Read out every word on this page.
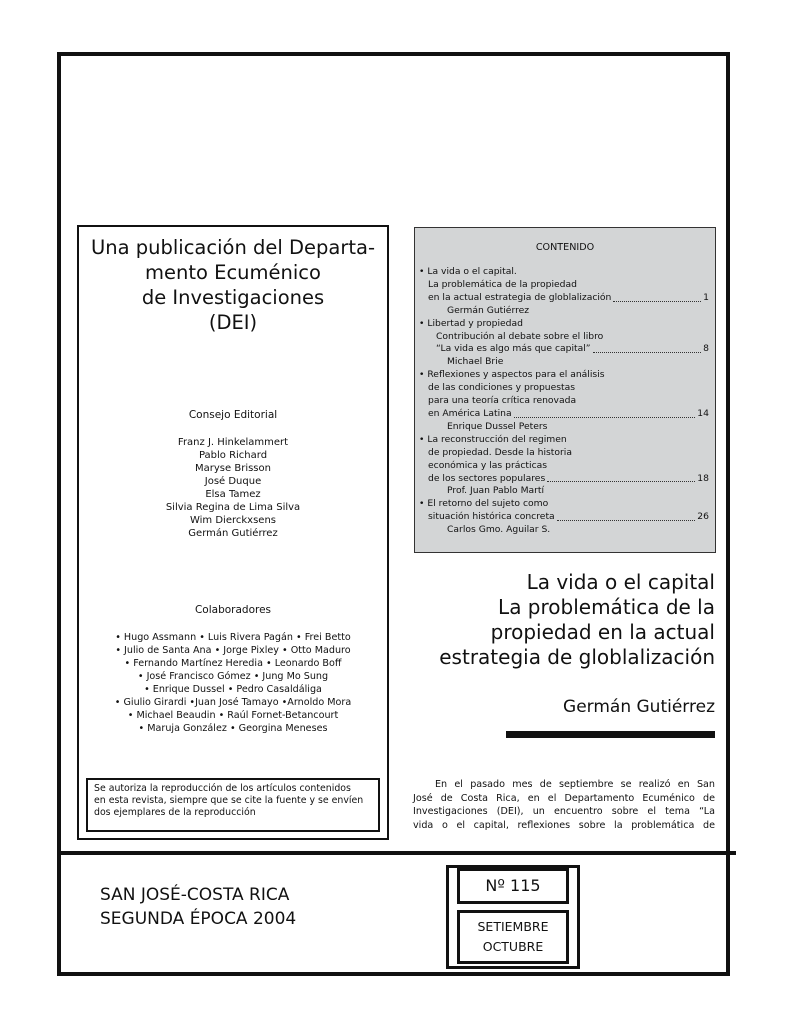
Una publicación del Departa-
mento Ecuménico
de Investigaciones
(DEI)
Consejo Editorial
Franz J. Hinkelammert
Pablo Richard
Maryse Brisson
José Duque
Elsa Tamez
Silvia Regina de Lima Silva
Wim Dierckxsens
Germán Gutiérrez
Colaboradores
• Hugo Assmann • Luis Rivera Pagán • Frei Betto
• Julio de Santa Ana • Jorge Pixley • Otto Maduro
• Fernando Martínez Heredia • Leonardo Boff
• José Francisco Gómez • Jung Mo Sung
• Enrique Dussel • Pedro Casaldáliga
• Giulio Girardi •Juan José Tamayo •Arnoldo Mora
• Michael Beaudin • Raúl Fornet-Betancourt
• Maruja González • Georgina Meneses
Se autoriza la reproducción de los artículos contenidos
en esta revista, siempre que se cite la fuente y se envíen
dos ejemplares de la reproducción
CONTENIDO
• La vida o el capital.
La problemática de la propiedad
en la actual estrategia de globlalización	1
Germán Gutiérrez
• Libertad y propiedad
Contribución al debate sobre el libro
“La vida es algo más que capital”	8
Michael Brie
• Reflexiones y aspectos para el análisis
de las condiciones y propuestas
para una teoría crítica renovada
en América Latina	14
Enrique Dussel Peters
• La reconstrucción del regimen
de propiedad. Desde la historia
económica y las prácticas
de los sectores populares	18
Prof. Juan Pablo Martí
• El retorno del sujeto como
situación histórica concreta	26
Carlos Gmo. Aguilar S.
La vida o el capital
La problemática de la
propiedad en la actual
estrategia de globlalización
Germán Gutiérrez
En el pasado mes de septiembre se realizó en San
José de Costa Rica, en el Departamento Ecuménico de
Investigaciones (DEI), un encuentro sobre el tema “La
vida o el capital, reflexiones sobre la problemática de
SAN JOSÉ-COSTA RICA
SEGUNDA ÉPOCA 2004
Nº 115
SETIEMBRE
OCTUBRE
